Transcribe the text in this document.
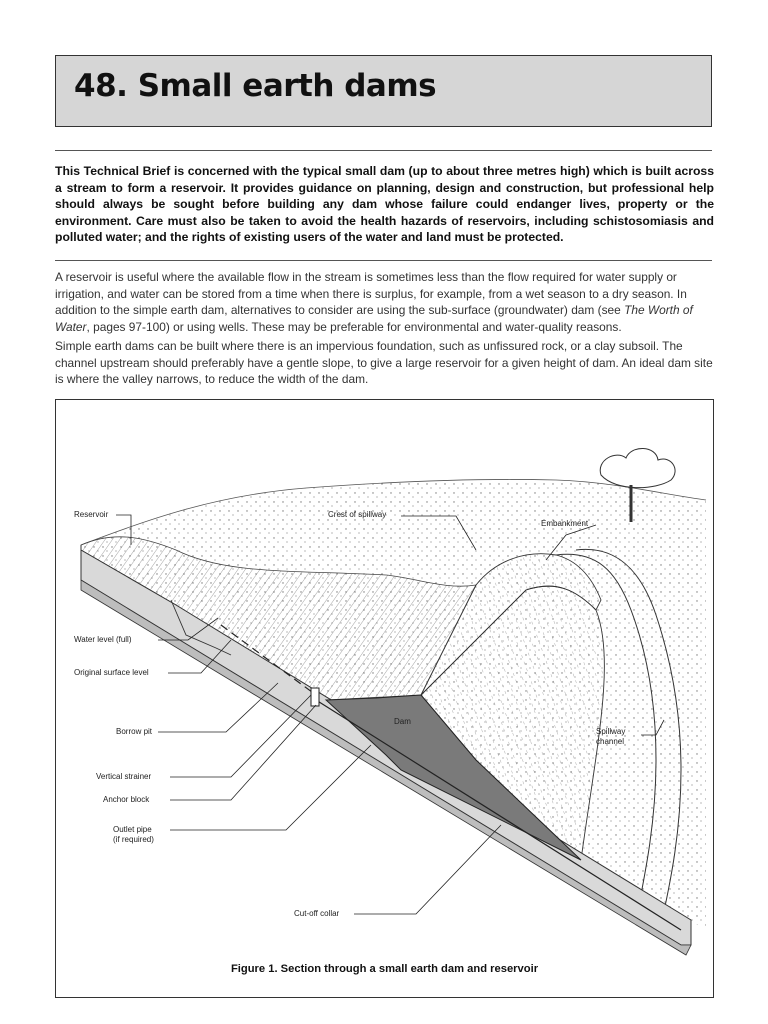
48. Small earth dams

This Technical Brief is concerned with the typical small dam (up to about three metres high) which is built across a stream to form a reservoir. It provides guidance on planning, design and construction, but professional help should always be sought before building any dam whose failure could endanger lives, property or the environment. Care must also be taken to avoid the health hazards of reservoirs, including schistosomiasis and polluted water; and the rights of existing users of the water and land must be protected.

A reservoir is useful where the available flow in the stream is sometimes less than the flow required for water supply or irrigation, and water can be stored from a time when there is surplus, for example, from a wet season to a dry season. In addition to the simple earth dam, alternatives to consider are using the sub-surface (groundwater) dam (see The Worth of Water, pages 97-100) or using wells. These may be preferable for environmental and water-quality reasons.

Simple earth dams can be built where there is an impervious foundation, such as unfissured rock, or a clay subsoil. The channel upstream should preferably have a gentle slope, to give a large reservoir for a given height of dam. An ideal dam site is where the valley narrows, to reduce the width of the dam.

Reservoir	Crest of spillway
Embankment
Water level (full)
Original surface level
Borrow pit
Dam
Vertical strainer
Anchor block
Outlet pipe
(if required)
Spillway
channel
Cut-off collar
Figure 1. Section through a small earth dam and reservoir
